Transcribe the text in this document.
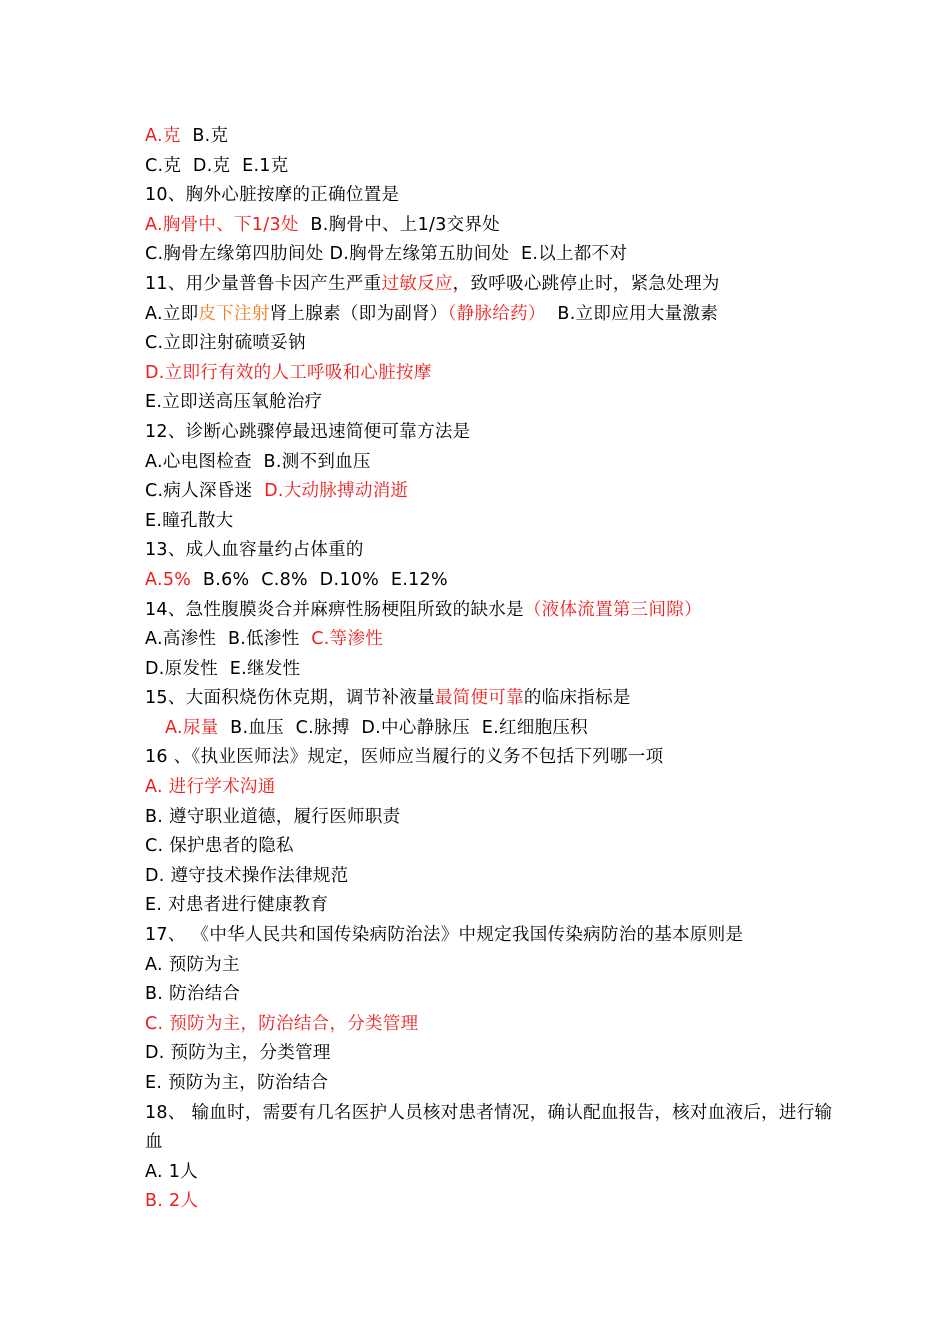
A.克  B.克
C.克  D.克  E.1克
10、胸外心脏按摩的正确位置是
A.胸骨中、下1/3处  B.胸骨中、上1/3交界处
C.胸骨左缘第四肋间处 D.胸骨左缘第五肋间处  E.以上都不对
11、用少量普鲁卡因产生严重过敏反应，致呼吸心跳停止时，紧急处理为
A.立即皮下注射肾上腺素（即为副肾）（静脉给药）  B.立即应用大量激素
C.立即注射硫喷妥钠
D.立即行有效的人工呼吸和心脏按摩
E.立即送高压氧舱治疗
12、诊断心跳骤停最迅速简便可靠方法是
A.心电图检查  B.测不到血压
C.病人深昏迷  D.大动脉搏动消逝
E.瞳孔散大
13、成人血容量约占体重的
A.5%  B.6%  C.8%  D.10%  E.12%
14、急性腹膜炎合并麻痹性肠梗阻所致的缺水是（液体流置第三间隙）
A.高渗性  B.低渗性  C.等渗性
D.原发性  E.继发性
15、大面积烧伤休克期，调节补液量最简便可靠的临床指标是
A.尿量  B.血压  C.脉搏  D.中心静脉压  E.红细胞压积
16 、《执业医师法》规定，医师应当履行的义务不包括下列哪一项
A. 进行学术沟通
B. 遵守职业道德，履行医师职责
C. 保护患者的隐私
D. 遵守技术操作法律规范
E. 对患者进行健康教育
17、 《中华人民共和国传染病防治法》中规定我国传染病防治的基本原则是
A. 预防为主
B. 防治结合
C. 预防为主，防治结合，分类管理
D. 预防为主，分类管理
E. 预防为主，防治结合
18、 输血时，需要有几名医护人员核对患者情况，确认配血报告，核对血液后，进行输血
A. 1人
B. 2人
